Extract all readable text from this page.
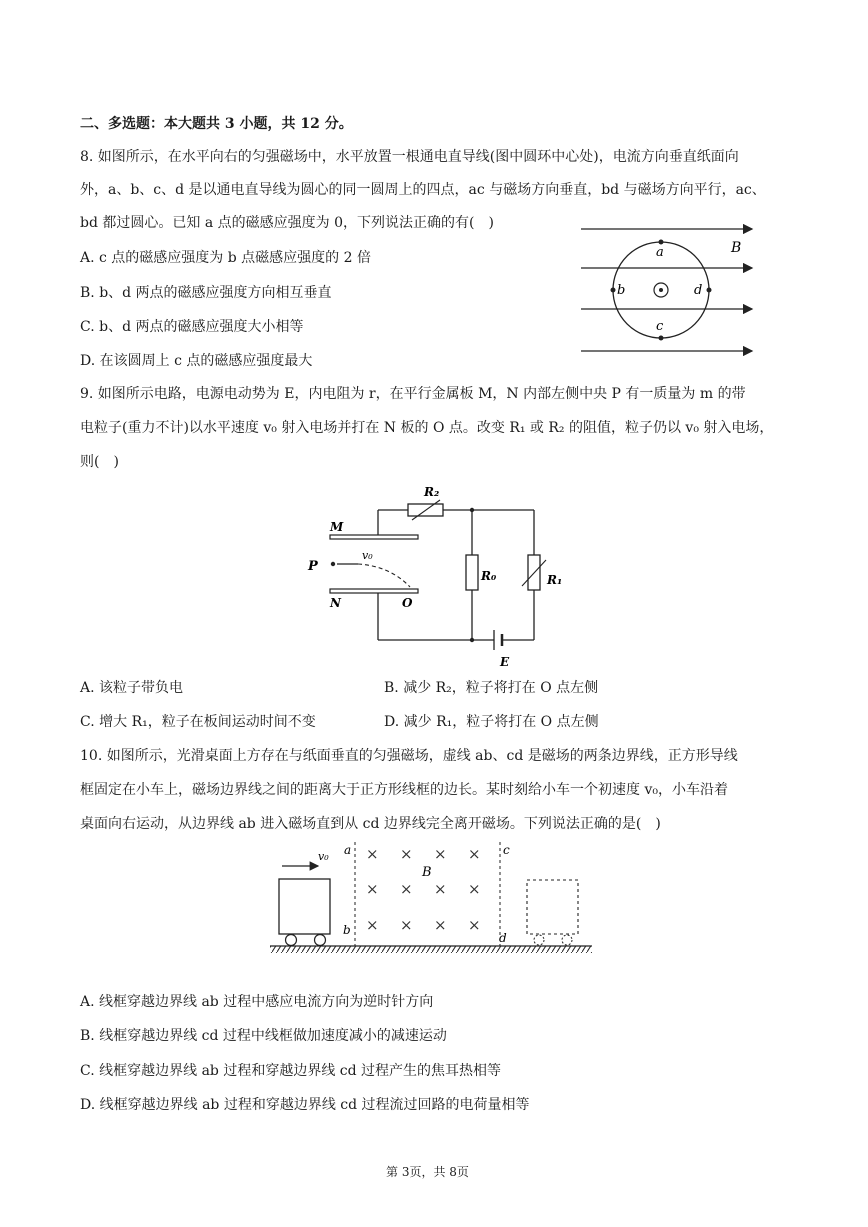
二、多选题：本大题共 3 小题，共 12 分。
8. 如图所示，在水平向右的匀强磁场中，水平放置一根通电直导线(图中圆环中心处)，电流方向垂直纸面向
外，a、b、c、d 是以通电直导线为圆心的同一圆周上的四点，ac 与磁场方向垂直，bd 与磁场方向平行，ac、
bd 都过圆心。已知 a 点的磁感应强度为 0，下列说法正确的有(　)
A. c 点的磁感应强度为 b 点磁感应强度的 2 倍
B. b、d 两点的磁感应强度方向相互垂直
C. b、d 两点的磁感应强度大小相等
D. 在该圆周上 c 点的磁感应强度最大
a
b	d
c
B
9. 如图所示电路，电源电动势为 E，内电阻为 r，在平行金属板 M，N 内部左侧中央 P 有一质量为 m 的带
电粒子(重力不计)以水平速度 v₀ 射入电场并打在 N 板的 O 点。改变 R₁ 或 R₂ 的阻值，粒子仍以 v₀ 射入电场，
则(　)
R₂
M
v₀
P
N	O
R₀	R₁
E
A. 该粒子带负电	B. 减少 R₂，粒子将打在 O 点左侧
C. 增大 R₁，粒子在板间运动时间不变	D. 减少 R₁，粒子将打在 O 点左侧
10. 如图所示，光滑桌面上方存在与纸面垂直的匀强磁场，虚线 ab、cd 是磁场的两条边界线，正方形导线
框固定在小车上，磁场边界线之间的距离大于正方形线框的边长。某时刻给小车一个初速度 v₀，小车沿着
桌面向右运动，从边界线 ab 进入磁场直到从 cd 边界线完全离开磁场。下列说法正确的是(　)
v₀ a
b
c
d
B
× × × ×
× × × ×
× × × ×
A. 线框穿越边界线 ab 过程中感应电流方向为逆时针方向
B. 线框穿越边界线 cd 过程中线框做加速度减小的减速运动
C. 线框穿越边界线 ab 过程和穿越边界线 cd 过程产生的焦耳热相等
D. 线框穿越边界线 ab 过程和穿越边界线 cd 过程流过回路的电荷量相等
第 3页，共 8页
